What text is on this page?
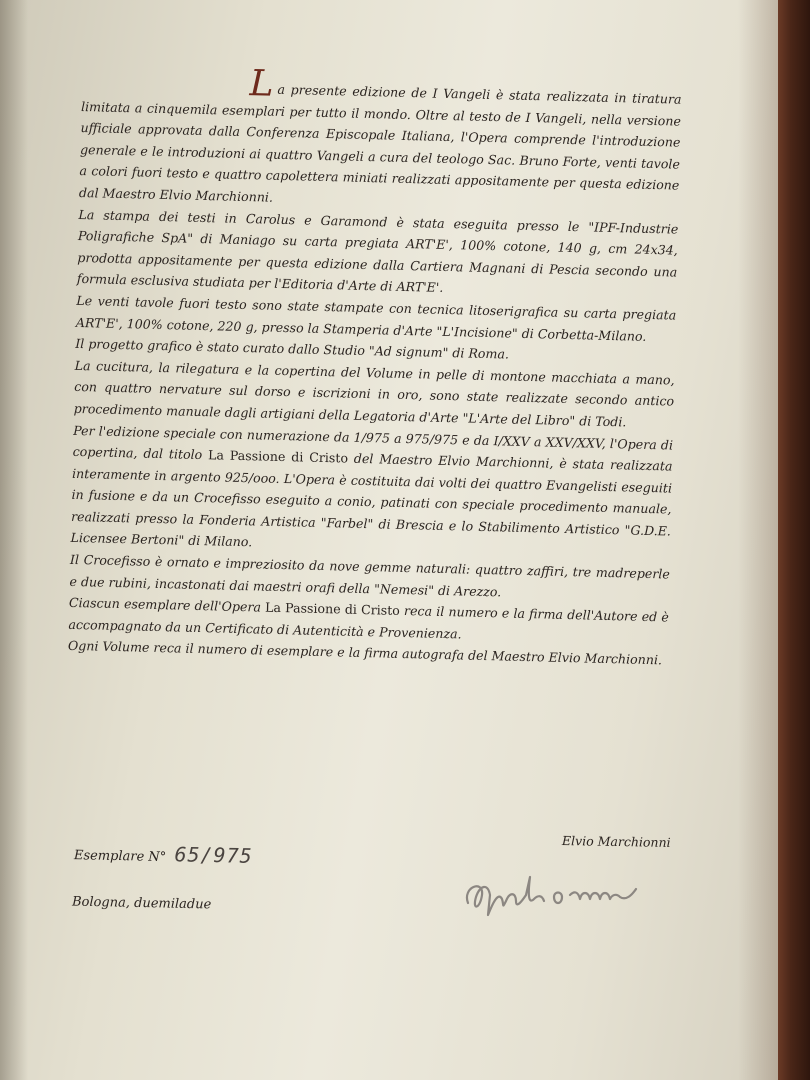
La presente edizione de I Vangeli è stata realizzata in tiratura limitata a cinquemila esemplari per tutto il mondo. Oltre al testo de I Vangeli, nella versione ufficiale approvata dalla Conferenza Episcopale Italiana, l'Opera comprende l'introduzione generale e le introduzioni ai quattro Vangeli a cura del teologo Sac. Bruno Forte, venti tavole a colori fuori testo e quattro capolettera miniati realizzati appositamente per questa edizione dal Maestro Elvio Marchionni.

La stampa dei testi in Carolus e Garamond è stata eseguita presso le "IPF-Industrie Poligrafiche SpA" di Maniago su carta pregiata ART'E', 100% cotone, 140 g, cm 24x34, prodotta appositamente per questa edizione dalla Cartiera Magnani di Pescia secondo una formula esclusiva studiata per l'Editoria d'Arte di ART'E'.

Le venti tavole fuori testo sono state stampate con tecnica litoserigrafica su carta pregiata ART'E', 100% cotone, 220 g, presso la Stamperia d'Arte "L'Incisione" di Corbetta-Milano.

Il progetto grafico è stato curato dallo Studio "Ad signum" di Roma.

La cucitura, la rilegatura e la copertina del Volume in pelle di montone macchiata a mano, con quattro nervature sul dorso e iscrizioni in oro, sono state realizzate secondo antico procedimento manuale dagli artigiani della Legatoria d'Arte "L'Arte del Libro" di Todi.

Per l'edizione speciale con numerazione da 1/975 a 975/975 e da I/XXV a XXV/XXV, l'Opera di copertina, dal titolo La Passione di Cristo del Maestro Elvio Marchionni, è stata realizzata interamente in argento 925/ooo. L'Opera è costituita dai volti dei quattro Evangelisti eseguiti in fusione e da un Crocefisso eseguito a conio, patinati con speciale procedimento manuale, realizzati presso la Fonderia Artistica "Farbel" di Brescia e lo Stabilimento Artistico "G.D.E. Licensee Bertoni" di Milano.

Il Crocefisso è ornato e impreziosito da nove gemme naturali: quattro zaffiri, tre madreperle e due rubini, incastonati dai maestri orafi della "Nemesi" di Arezzo.

Ciascun esemplare dell'Opera La Passione di Cristo reca il numero e la firma dell'Autore ed è accompagnato da un Certificato di Autenticità e Provenienza.

Ogni Volume reca il numero di esemplare e la firma autografa del Maestro Elvio Marchionni.

Esemplare N° 65/975
Bologna, duemiladue
Elvio Marchionni
